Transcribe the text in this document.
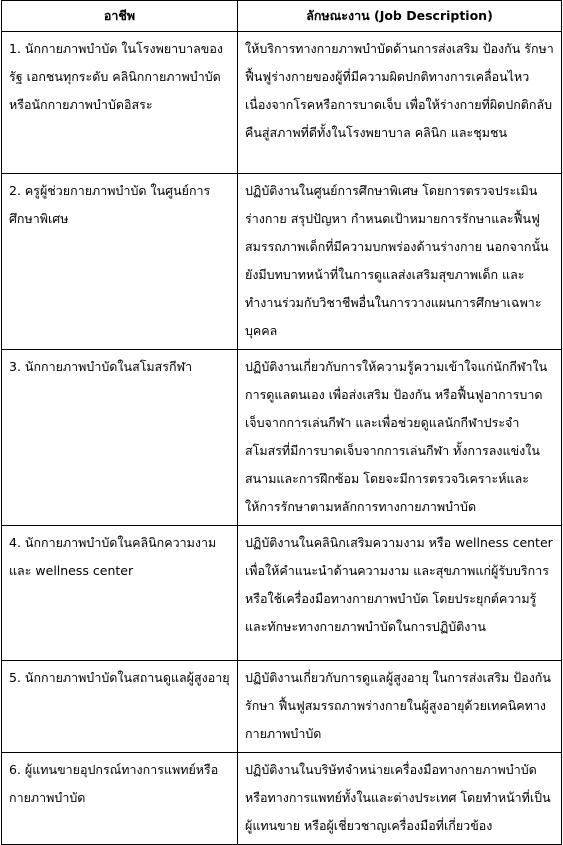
อาชีพ	ลักษณะงาน (Job Description)

1. นักกายภาพบำบัด ในโรงพยาบาลของรัฐ เอกชนทุกระดับ คลินิกกายภาพบำบัด หรือนักกายภาพบำบัดอิสระ	ให้บริการทางกายภาพบำบัดด้านการส่งเสริม ป้องกัน รักษา ฟื้นฟูร่างกายของผู้ที่มีความผิดปกติทางการเคลื่อนไหว เนื่องจากโรคหรือการบาดเจ็บ เพื่อให้ร่างกายที่ผิดปกติกลับคืนสู่สภาพที่ดีทั้งในโรงพยาบาล คลินิก และชุมชน

2. ครูผู้ช่วยกายภาพบำบัด ในศูนย์การศึกษาพิเศษ	ปฏิบัติงานในศูนย์การศึกษาพิเศษ โดยการตรวจประเมินร่างกาย สรุปปัญหา กำหนดเป้าหมายการรักษาและฟื้นฟูสมรรถภาพเด็กที่มีความบกพร่องด้านร่างกาย นอกจากนั้น ยังมีบทบาทหน้าที่ในการดูแลส่งเสริมสุขภาพเด็ก และทำงานร่วมกับวิชาชีพอื่นในการวางแผนการศึกษาเฉพาะบุคคล

3. นักกายภาพบำบัดในสโมสรกีฬา	ปฏิบัติงานเกี่ยวกับการให้ความรู้ความเข้าใจแก่นักกีฬาในการดูแลตนเอง เพื่อส่งเสริม ป้องกัน หรือฟื้นฟูอาการบาดเจ็บจากการเล่นกีฬา และเพื่อช่วยดูแลนักกีฬาประจำสโมสรที่มีการบาดเจ็บจากการเล่นกีฬา ทั้งการลงแข่งในสนามและการฝึกซ้อม โดยจะมีการตรวจวิเคราะห์และให้การรักษาตามหลักการทางกายภาพบำบัด

4. นักกายภาพบำบัดในคลินิกความงาม และ wellness center	ปฏิบัติงานในคลินิกเสริมความงาม หรือ wellness center เพื่อให้คำแนะนำด้านความงาม และสุขภาพแก่ผู้รับบริการ หรือใช้เครื่องมือทางกายภาพบำบัด โดยประยุกต์ความรู้และทักษะทางกายภาพบำบัดในการปฏิบัติงาน

5. นักกายภาพบำบัดในสถานดูแลผู้สูงอายุ	ปฏิบัติงานเกี่ยวกับการดูแลผู้สูงอายุ ในการส่งเสริม ป้องกัน รักษา ฟื้นฟูสมรรถภาพร่างกายในผู้สูงอายุด้วยเทคนิคทางกายภาพบำบัด

6. ผู้แทนขายอุปกรณ์ทางการแพทย์หรือกายภาพบำบัด	ปฏิบัติงานในบริษัทจำหน่ายเครื่องมือทางกายภาพบำบัด หรือทางการแพทย์ทั้งในและต่างประเทศ โดยทำหน้าที่เป็นผู้แทนขาย หรือผู้เชี่ยวชาญเครื่องมือที่เกี่ยวข้อง
